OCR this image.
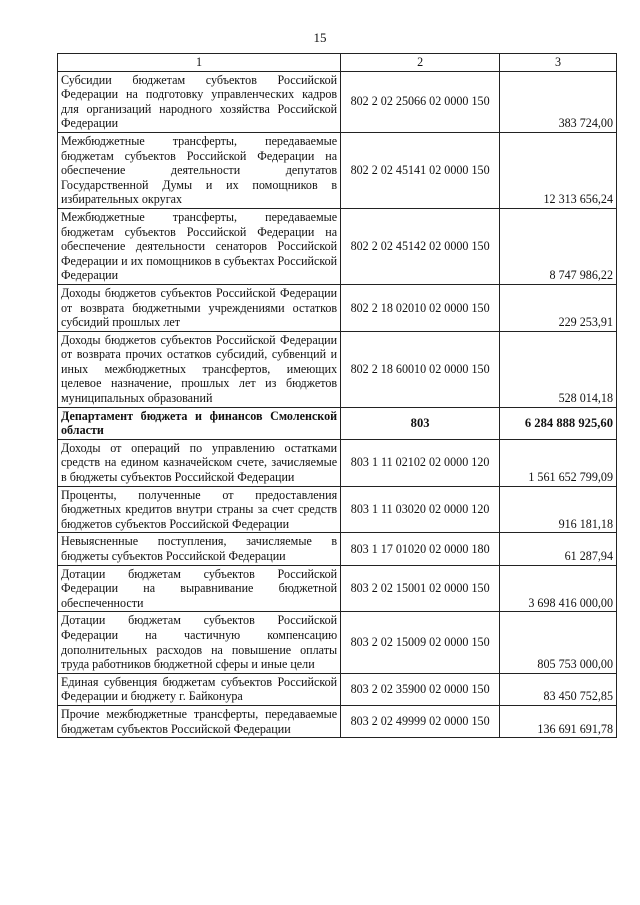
15
1	2	3
Субсидии бюджетам субъектов Российской Федерации на подготовку управленческих кадров для организаций народного хозяйства Российской Федерации	802 2 02 25066 02 0000 150	383 724,00
Межбюджетные трансферты, передаваемые бюджетам субъектов Российской Федерации на обеспечение деятельности депутатов Государственной Думы и их помощников в избирательных округах	802 2 02 45141 02 0000 150	12 313 656,24
Межбюджетные трансферты, передаваемые бюджетам субъектов Российской Федерации на обеспечение деятельности сенаторов Российской Федерации и их помощников в субъектах Российской Федерации	802 2 02 45142 02 0000 150	8 747 986,22
Доходы бюджетов субъектов Российской Федерации от возврата бюджетными учреждениями остатков субсидий прошлых лет	802 2 18 02010 02 0000 150	229 253,91
Доходы бюджетов субъектов Российской Федерации от возврата прочих остатков субсидий, субвенций и иных межбюджетных трансфертов, имеющих целевое назначение, прошлых лет из бюджетов муниципальных образований	802 2 18 60010 02 0000 150	528 014,18
Департамент бюджета и финансов Смоленской области	803	6 284 888 925,60
Доходы от операций по управлению остатками средств на едином казначейском счете, зачисляемые в бюджеты субъектов Российской Федерации	803 1 11 02102 02 0000 120	1 561 652 799,09
Проценты, полученные от предоставления бюджетных кредитов внутри страны за счет средств бюджетов субъектов Российской Федерации	803 1 11 03020 02 0000 120	916 181,18
Невыясненные поступления, зачисляемые в бюджеты субъектов Российской Федерации	803 1 17 01020 02 0000 180	61 287,94
Дотации бюджетам субъектов Российской Федерации на выравнивание бюджетной обеспеченности	803 2 02 15001 02 0000 150	3 698 416 000,00
Дотации бюджетам субъектов Российской Федерации на частичную компенсацию дополнительных расходов на повышение оплаты труда работников бюджетной сферы и иные цели	803 2 02 15009 02 0000 150	805 753 000,00
Единая субвенция бюджетам субъектов Российской Федерации и бюджету г. Байконура	803 2 02 35900 02 0000 150	83 450 752,85
Прочие межбюджетные трансферты, передаваемые бюджетам субъектов Российской Федерации	803 2 02 49999 02 0000 150	136 691 691,78
